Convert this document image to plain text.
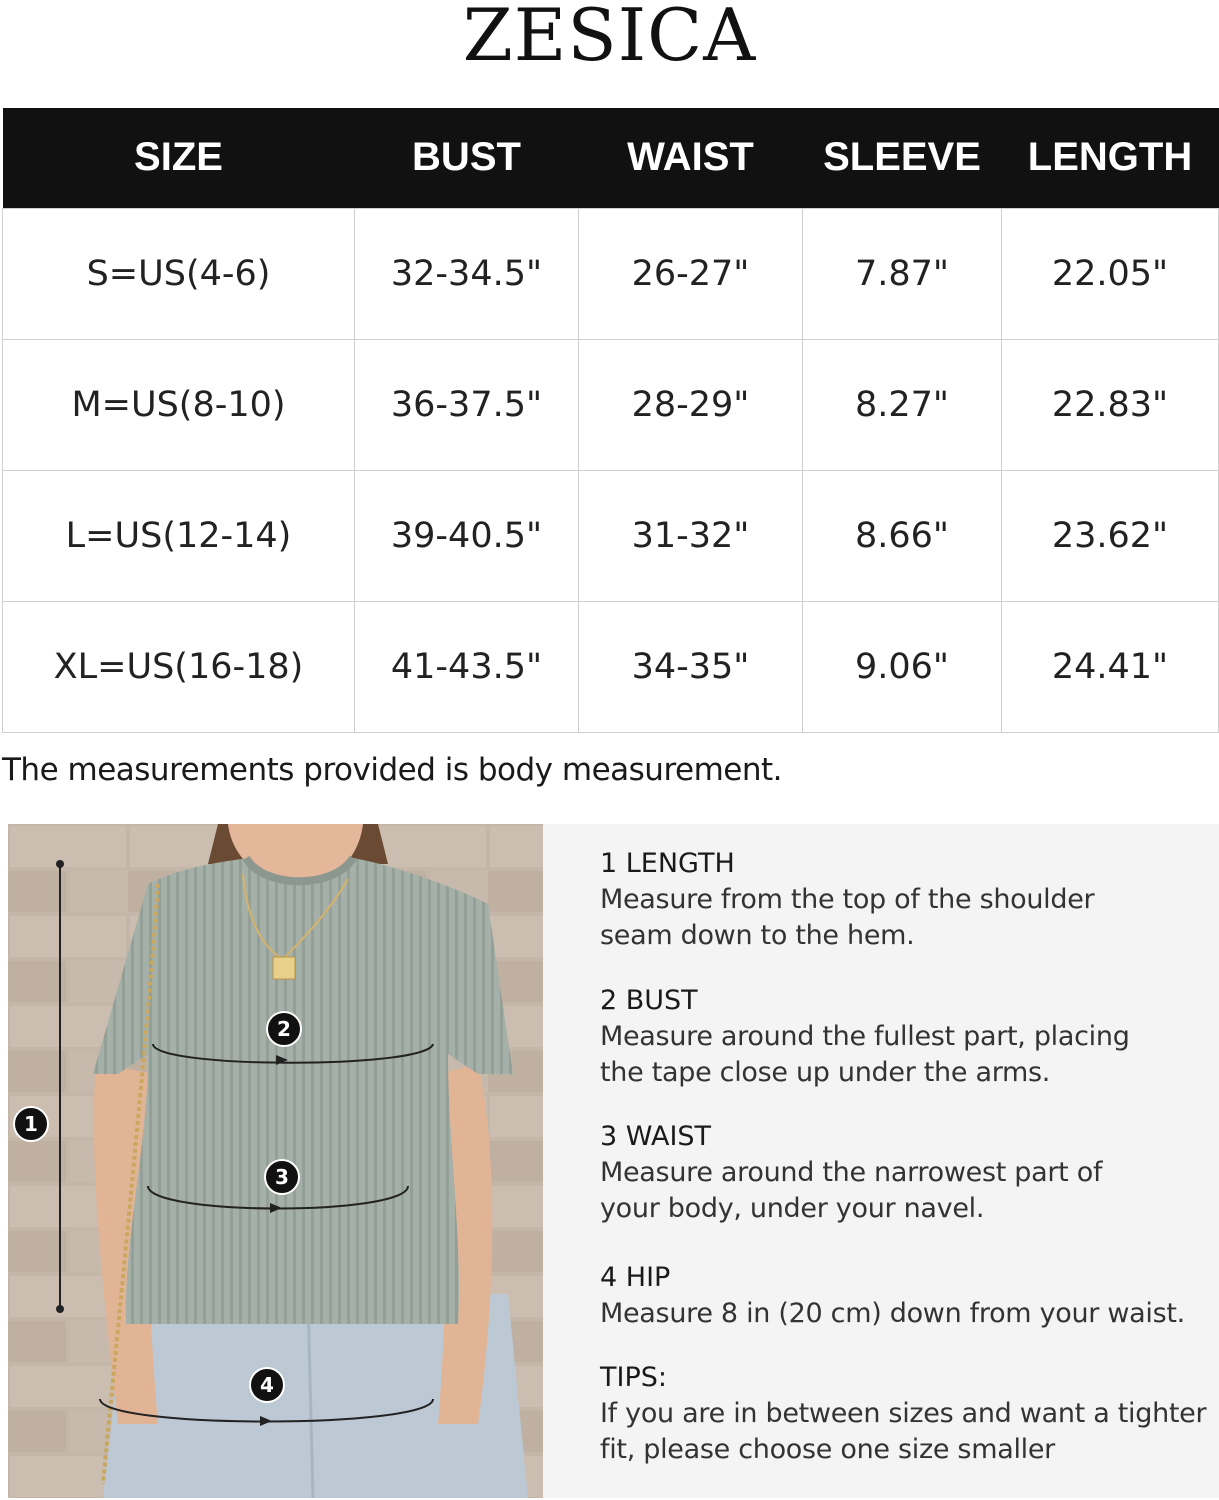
ZESICA
SIZE	BUST	WAIST	SLEEVE	LENGTH
S=US(4-6)	32-34.5"	26-27"	7.87"	22.05"
M=US(8-10)	36-37.5"	28-29"	8.27"	22.83"
L=US(12-14)	39-40.5"	31-32"	8.66"	23.62"
XL=US(16-18)	41-43.5"	34-35"	9.06"	24.41"
The measurements provided is body measurement.
1
2
3
4
1 LENGTH
Measure from the top of the shoulder seam down to the hem.
2 BUST
Measure around the fullest part, placing the tape close up under the arms.
3 WAIST
Measure around the narrowest part of your body, under your navel.
4 HIP
Measure 8 in (20 cm) down from your waist.
TIPS:
If you are in between sizes and want a tighter fit, please choose one size smaller
